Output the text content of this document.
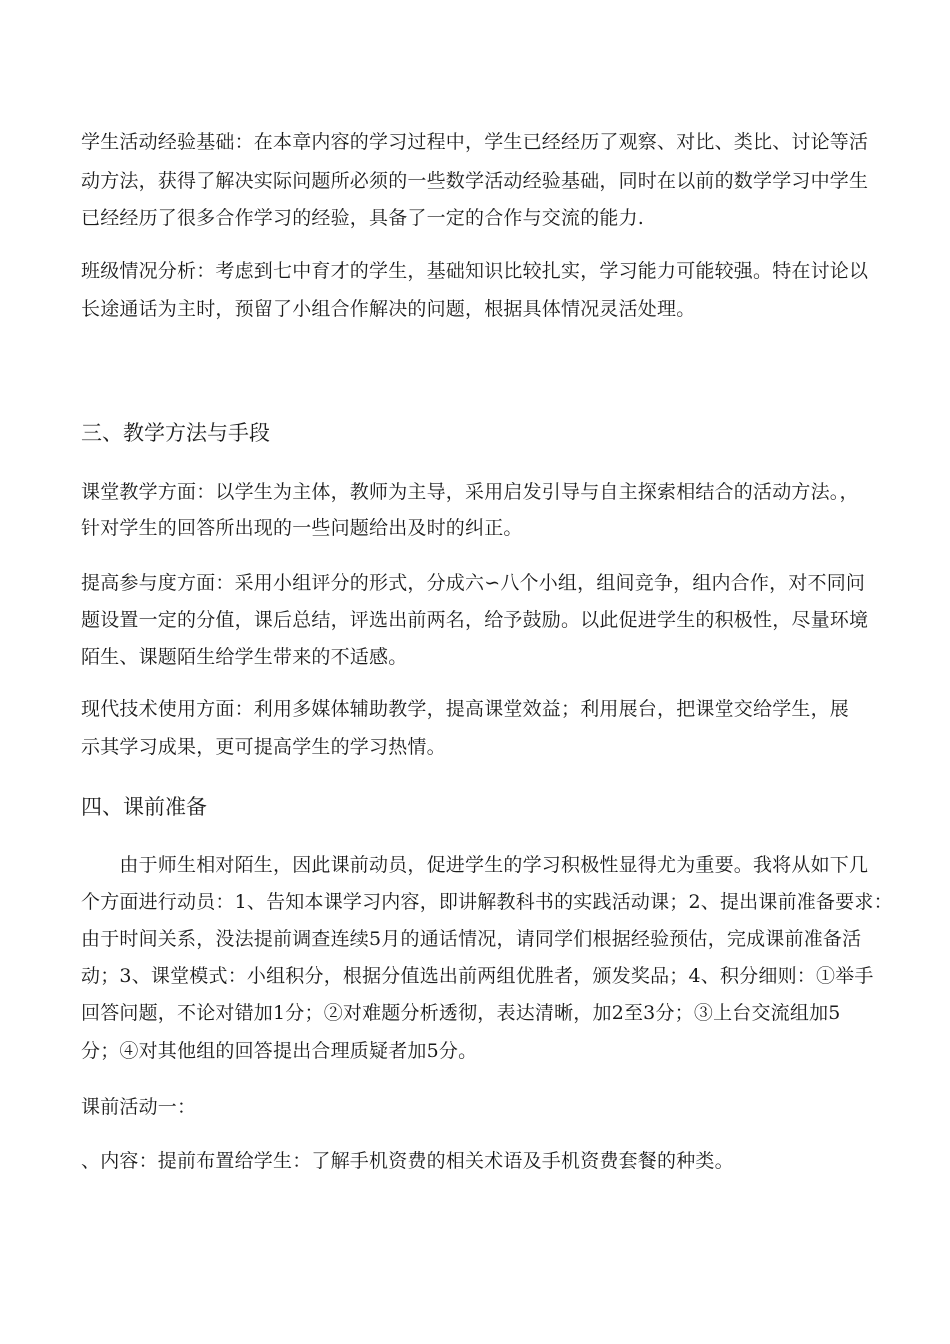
学生活动经验基础：在本章内容的学习过程中，学生已经经历了观察、对比、类比、讨论等活
动方法，获得了解决实际问题所必须的一些数学活动经验基础，同时在以前的数学学习中学生
已经经历了很多合作学习的经验，具备了一定的合作与交流的能力.
班级情况分析：考虑到七中育才的学生，基础知识比较扎实，学习能力可能较强。特在讨论以
长途通话为主时，预留了小组合作解决的问题，根据具体情况灵活处理。
三、教学方法与手段
课堂教学方面：以学生为主体，教师为主导，采用启发引导与自主探索相结合的活动方法。，
针对学生的回答所出现的一些问题给出及时的纠正。
提高参与度方面：采用小组评分的形式，分成六∽八个小组，组间竞争，组内合作，对不同问
题设置一定的分值，课后总结，评选出前两名，给予鼓励。以此促进学生的积极性，尽量环境
陌生、课题陌生给学生带来的不适感。
现代技术使用方面：利用多媒体辅助教学，提高课堂效益；利用展台，把课堂交给学生，展
示其学习成果，更可提高学生的学习热情。
四、课前准备
　　由于师生相对陌生，因此课前动员，促进学生的学习积极性显得尤为重要。我将从如下几
个方面进行动员：1、告知本课学习内容，即讲解教科书的实践活动课；2、提出课前准备要求：
由于时间关系，没法提前调查连续5月的通话情况，请同学们根据经验预估，完成课前准备活
动；3、课堂模式：小组积分，根据分值选出前两组优胜者，颁发奖品；4、积分细则：①举手
回答问题，不论对错加1分；②对难题分析透彻，表达清晰，加2至3分；③上台交流组加5
分；④对其他组的回答提出合理质疑者加5分。
课前活动一：
、内容：提前布置给学生：了解手机资费的相关术语及手机资费套餐的种类。
